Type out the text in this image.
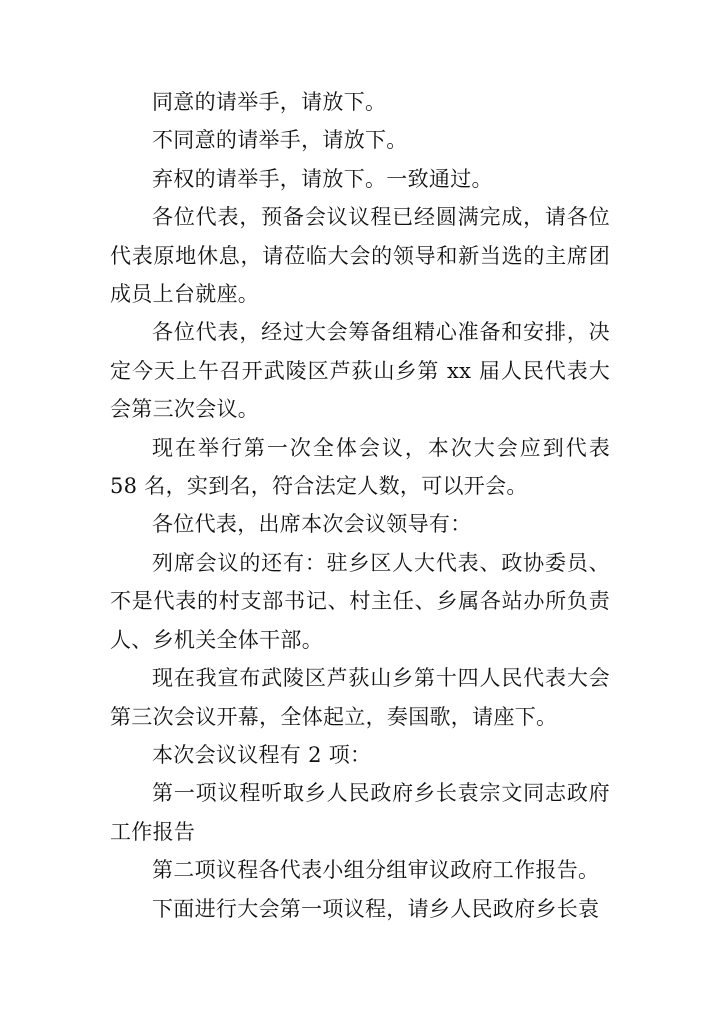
同意的请举手，请放下。

不同意的请举手，请放下。

弃权的请举手，请放下。一致通过。

各位代表，预备会议议程已经圆满完成，请各位代表原地休息，请莅临大会的领导和新当选的主席团成员上台就座。

各位代表，经过大会筹备组精心准备和安排，决定今天上午召开武陵区芦荻山乡第 xx 届人民代表大会第三次会议。

现在举行第一次全体会议，本次大会应到代表 58 名，实到名，符合法定人数，可以开会。

各位代表，出席本次会议领导有：

列席会议的还有：驻乡区人大代表、政协委员、不是代表的村支部书记、村主任、乡属各站办所负责人、乡机关全体干部。

现在我宣布武陵区芦荻山乡第十四人民代表大会第三次会议开幕，全体起立，奏国歌，请座下。

本次会议议程有 2 项：

第一项议程听取乡人民政府乡长袁宗文同志政府工作报告

第二项议程各代表小组分组审议政府工作报告。

下面进行大会第一项议程，请乡人民政府乡长袁
